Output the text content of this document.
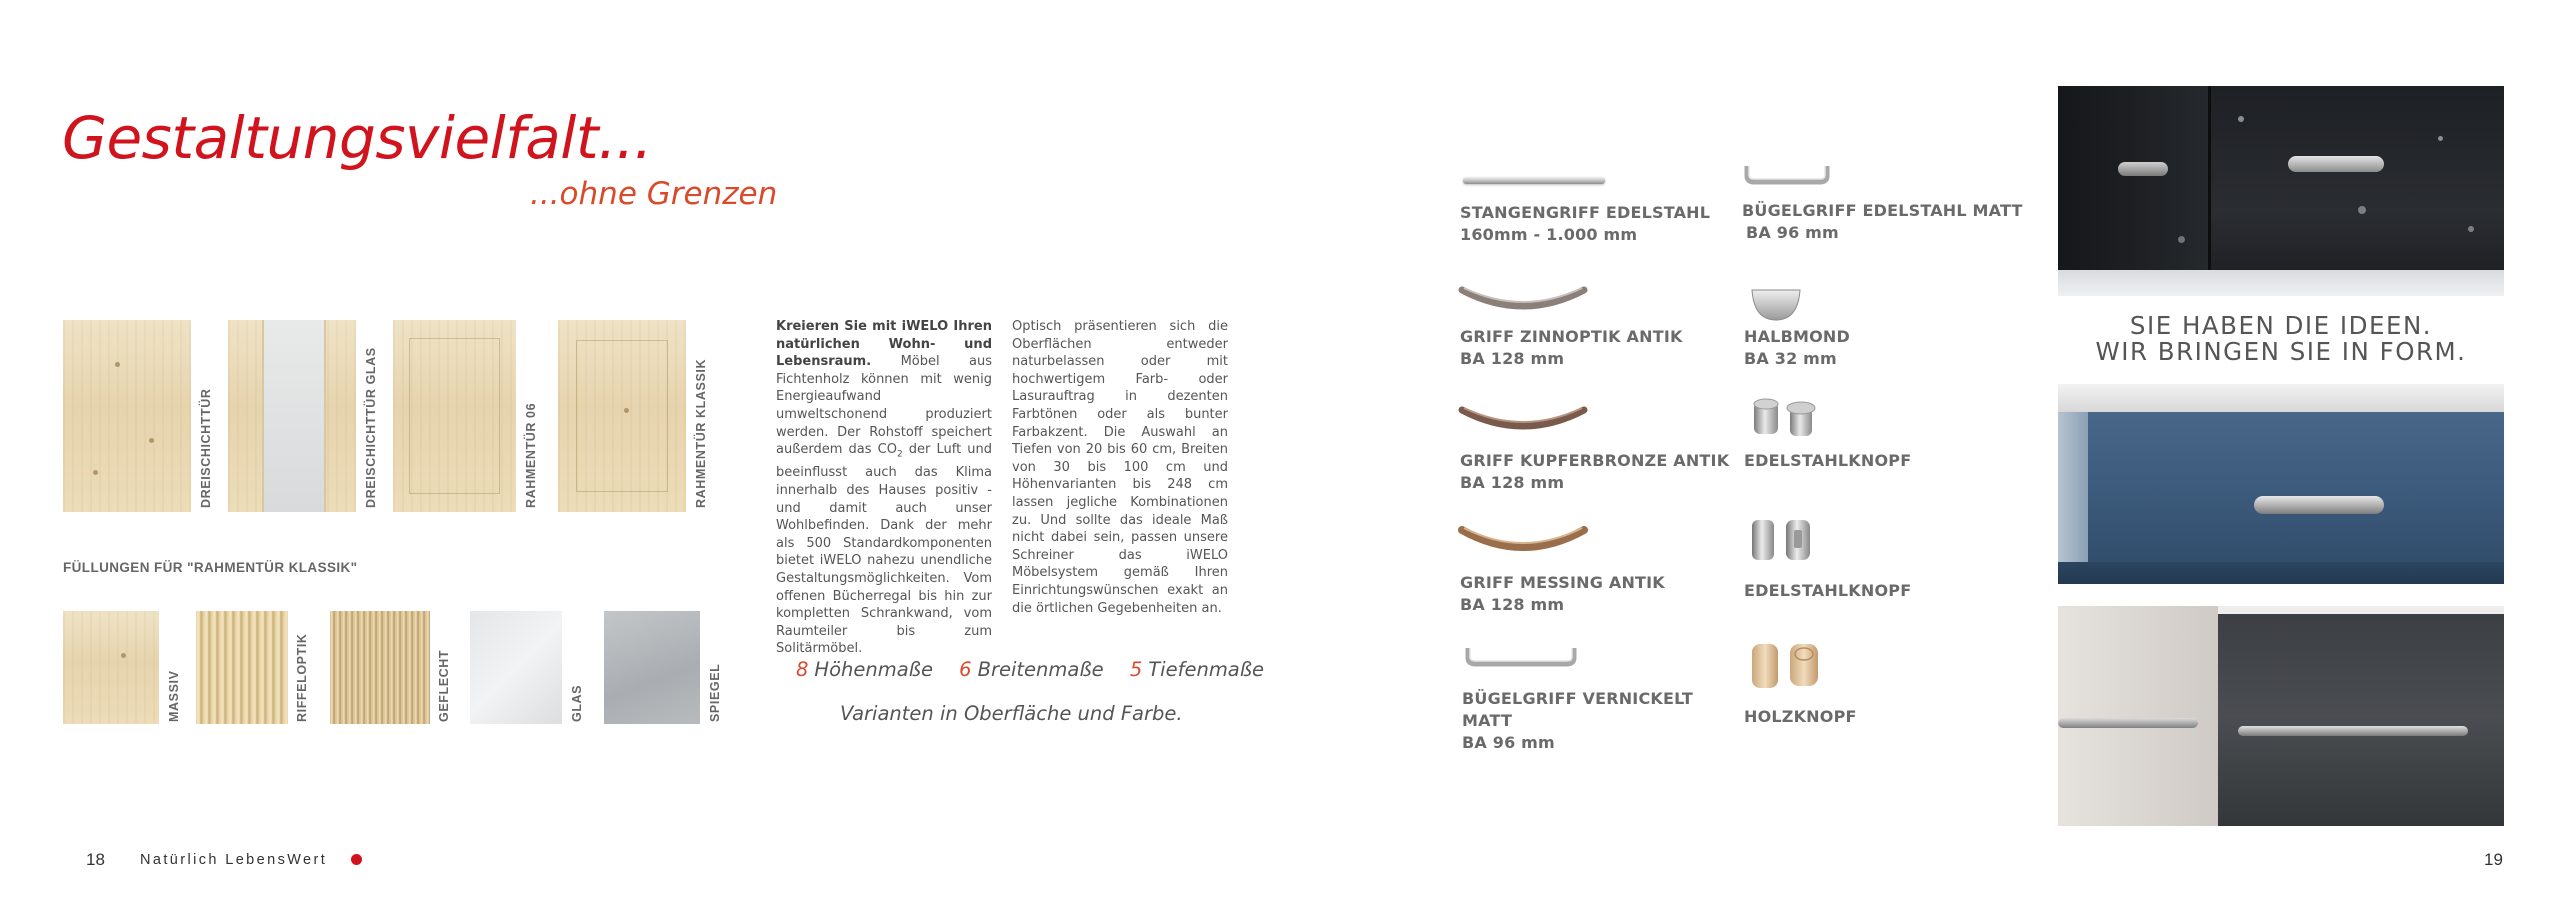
Gestaltungsvielfalt...
...ohne Grenzen
DREISCHICHTTÜR	DREISCHICHTTÜR GLAS	RAHMENTÜR 06	RAHMENTÜR KLASSIK
FÜLLUNGEN FÜR "RAHMENTÜR KLASSIK"
MASSIV	RIFFELOPTIK	GEFLECHT	GLAS	SPIEGEL
Kreieren Sie mit iWELO Ihren natürlichen Wohn- und Lebensraum. Möbel aus Fichtenholz können mit wenig Energieaufwand umweltschonend produziert werden. Der Rohstoff speichert außerdem das $CO_2$ der Luft und beeinflusst auch das Klima innerhalb des Hauses positiv - und damit auch unser Wohlbefinden. Dank der mehr als 500 Standardkomponenten bietet iWELO nahezu unendliche Gestaltungsmöglichkeiten. Vom offenen Bücherregal bis hin zur kompletten Schrankwand, vom Raumteiler bis zum Solitärmöbel.
Optisch präsentieren sich die Oberflächen entweder naturbelassen oder mit hochwertigem Farb- oder Lasurauftrag in dezenten Farbtönen oder als bunter Farbakzent. Die Auswahl an Tiefen von 20 bis 60 cm, Breiten von 30 bis 100 cm und Höhenvarianten bis 248 cm lassen jegliche Kombinationen zu. Und sollte das ideale Maß nicht dabei sein, passen unsere Schreiner das iWELO Möbelsystem gemäß Ihren Einrichtungswünschen exakt an die örtlichen Gegebenheiten an.
8 Höhenmaße 6 Breitenmaße 5 Tiefenmaße
Varianten in Oberfläche und Farbe.
18 Natürlich LebensWert
STANGENGRIFF EDELSTAHL
160mm - 1.000 mm
GRIFF ZINNOPTIK ANTIK
BA 128 mm
GRIFF KUPFERBRONZE ANTIK
BA 128 mm
GRIFF MESSING ANTIK
BA 128 mm
BÜGELGRIFF VERNICKELT MATT
BA 96 mm
BÜGELGRIFF EDELSTAHL MATT
BA 96 mm
HALBMOND
BA 32 mm
EDELSTAHLKNOPF
EDELSTAHLKNOPF
HOLZKNOPF
SIE HABEN DIE IDEEN.
WIR BRINGEN SIE IN FORM.
19
